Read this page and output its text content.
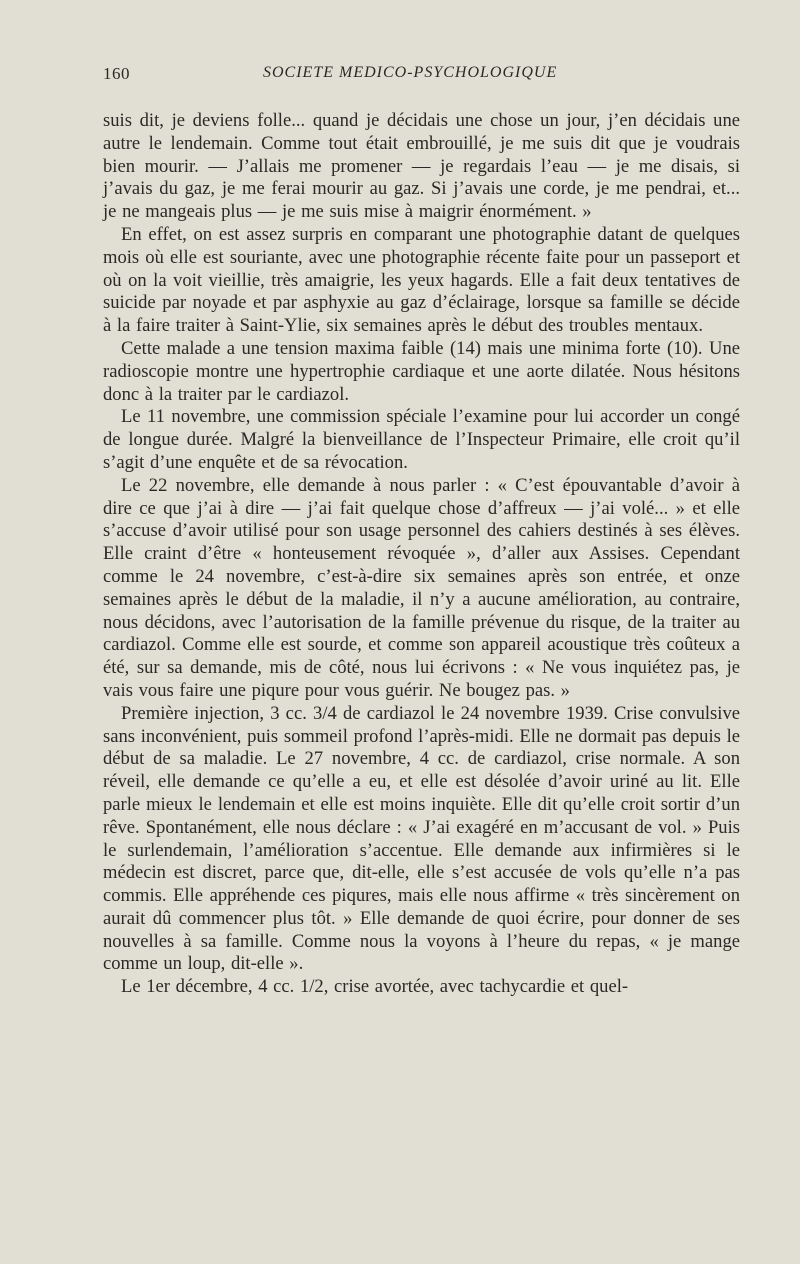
160	SOCIETE MEDICO-PSYCHOLOGIQUE

suis dit, je deviens folle... quand je décidais une chose un jour, j’en décidais une autre le lendemain. Comme tout était embrouillé, je me suis dit que je voudrais bien mourir. — J’allais me promener — je regardais l’eau — je me disais, si j’avais du gaz, je me ferai mourir au gaz. Si j’avais une corde, je me pendrai, et... je ne mangeais plus — je me suis mise à maigrir énormément. »

En effet, on est assez surpris en comparant une photographie datant de quelques mois où elle est souriante, avec une photographie récente faite pour un passeport et où on la voit vieillie, très amaigrie, les yeux hagards. Elle a fait deux tentatives de suicide par noyade et par asphyxie au gaz d’éclairage, lorsque sa famille se décide à la faire traiter à Saint-Ylie, six semaines après le début des troubles mentaux.

Cette malade a une tension maxima faible (14) mais une minima forte (10). Une radioscopie montre une hypertrophie cardiaque et une aorte dilatée. Nous hésitons donc à la traiter par le cardiazol.

Le 11 novembre, une commission spéciale l’examine pour lui accorder un congé de longue durée. Malgré la bienveillance de l’Inspecteur Primaire, elle croit qu’il s’agit d’une enquête et de sa révocation.

Le 22 novembre, elle demande à nous parler : « C’est épouvantable d’avoir à dire ce que j’ai à dire — j’ai fait quelque chose d’affreux — j’ai volé... » et elle s’accuse d’avoir utilisé pour son usage personnel des cahiers destinés à ses élèves. Elle craint d’être « honteusement révoquée », d’aller aux Assises. Cependant comme le 24 novembre, c’est-à-dire six semaines après son entrée, et onze semaines après le début de la maladie, il n’y a aucune amélioration, au contraire, nous décidons, avec l’autorisation de la famille prévenue du risque, de la traiter au cardiazol. Comme elle est sourde, et comme son appareil acoustique très coûteux a été, sur sa demande, mis de côté, nous lui écrivons : « Ne vous inquiétez pas, je vais vous faire une piqure pour vous guérir. Ne bougez pas. »

Première injection, 3 cc. 3/4 de cardiazol le 24 novembre 1939. Crise convulsive sans inconvénient, puis sommeil profond l’après-midi. Elle ne dormait pas depuis le début de sa maladie. Le 27 novembre, 4 cc. de cardiazol, crise normale. A son réveil, elle demande ce qu’elle a eu, et elle est désolée d’avoir uriné au lit. Elle parle mieux le lendemain et elle est moins inquiète. Elle dit qu’elle croit sortir d’un rêve. Spontanément, elle nous déclare : « J’ai exagéré en m’accusant de vol. » Puis le surlendemain, l’amélioration s’accentue. Elle demande aux infirmières si le médecin est discret, parce que, dit-elle, elle s’est accusée de vols qu’elle n’a pas commis. Elle appréhende ces piqures, mais elle nous affirme « très sincèrement on aurait dû commencer plus tôt. » Elle demande de quoi écrire, pour donner de ses nouvelles à sa famille. Comme nous la voyons à l’heure du repas, « je mange comme un loup, dit-elle ».

Le 1er décembre, 4 cc. 1/2, crise avortée, avec tachycardie et quel-
